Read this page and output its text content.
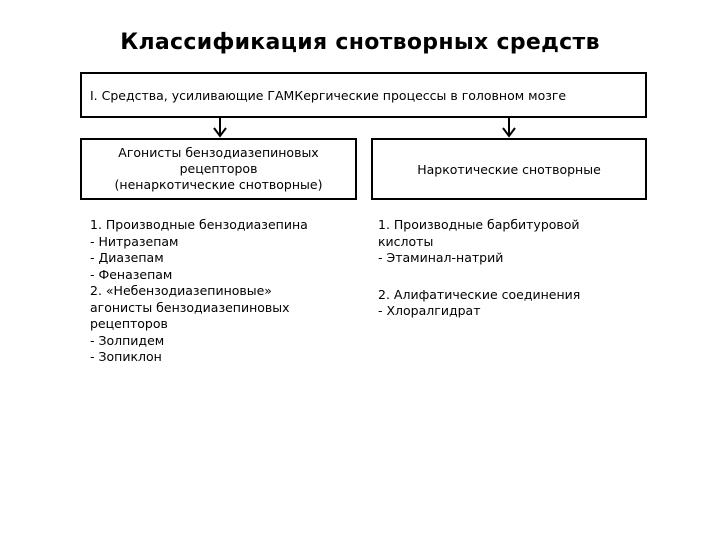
Классификация снотворных средств
I. Средства, усиливающие ГАМКергические процессы в головном мозге
Агонисты бензодиазепиновых
рецепторов
(ненаркотические снотворные)
Наркотические снотворные
1. Производные бензодиазепина
- Нитразепам
- Диазепам
- Феназепам
2. «Небензодиазепиновые»
агонисты бензодиазепиновых
рецепторов
- Золпидем
- Зопиклон
1. Производные барбитуровой
кислоты
- Этаминал-натрий
2. Алифатические соединения
- Хлоралгидрат
